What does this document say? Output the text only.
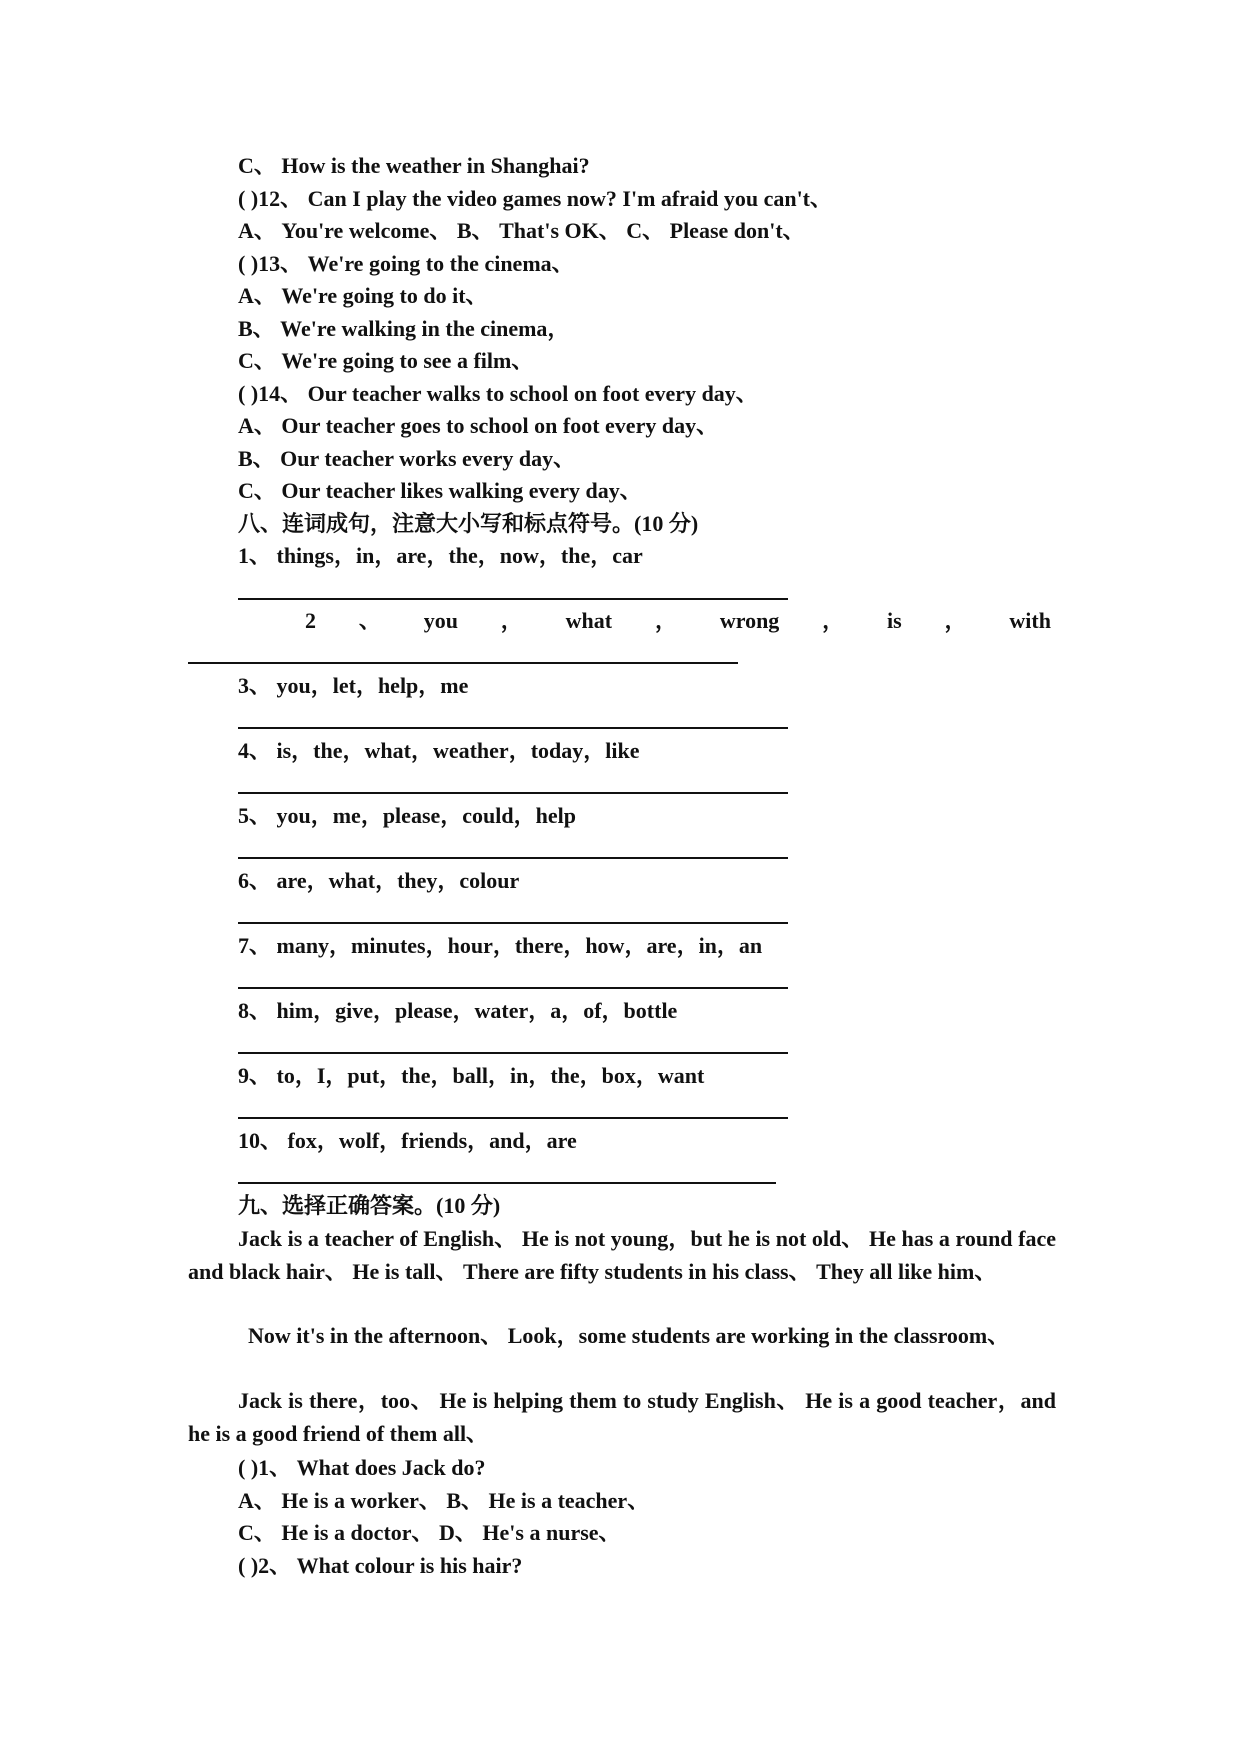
C、 How is the weather in Shanghai?
( )12、 Can I play the video games now? I'm afraid you can't、
A、 You're welcome、 B、 That's OK、 C、 Please don't、
( )13、 We're going to the cinema、
A、 We're going to do it、
B、 We're walking in the cinema，
C、 We're going to see a film、
( )14、 Our teacher walks to school on foot every day、
A、 Our teacher goes to school on foot every day、
B、 Our teacher works every day、
C、 Our teacher likes walking every day、
八、连词成句，注意大小写和标点符号。(10 分)
1、 things，in，are，the，now，the，car
2 、 you ， what ， wrong ， is ， with
3、 you，let，help，me
4、 is，the，what，weather，today，like
5、 you，me，please，could，help
6、 are，what，they，colour
7、 many，minutes，hour，there，how，are，in，an
8、 him，give，please，water，a，of，bottle
9、 to，I，put，the，ball，in，the，box，want
10、 fox，wolf，friends，and，are
九、选择正确答案。(10 分)
Jack is a teacher of English、 He is not young，but he is not old、 He has a round face and black hair、 He is tall、 There are fifty students in his class、 They all like him、
Now it's in the afternoon、 Look，some students are working in the classroom、
Jack is there，too、 He is helping them to study English、 He is a good teacher，and he is a good friend of them all、
( )1、 What does Jack do?
A、 He is a worker、 B、 He is a teacher、
C、 He is a doctor、 D、 He's a nurse、
( )2、 What colour is his hair?
